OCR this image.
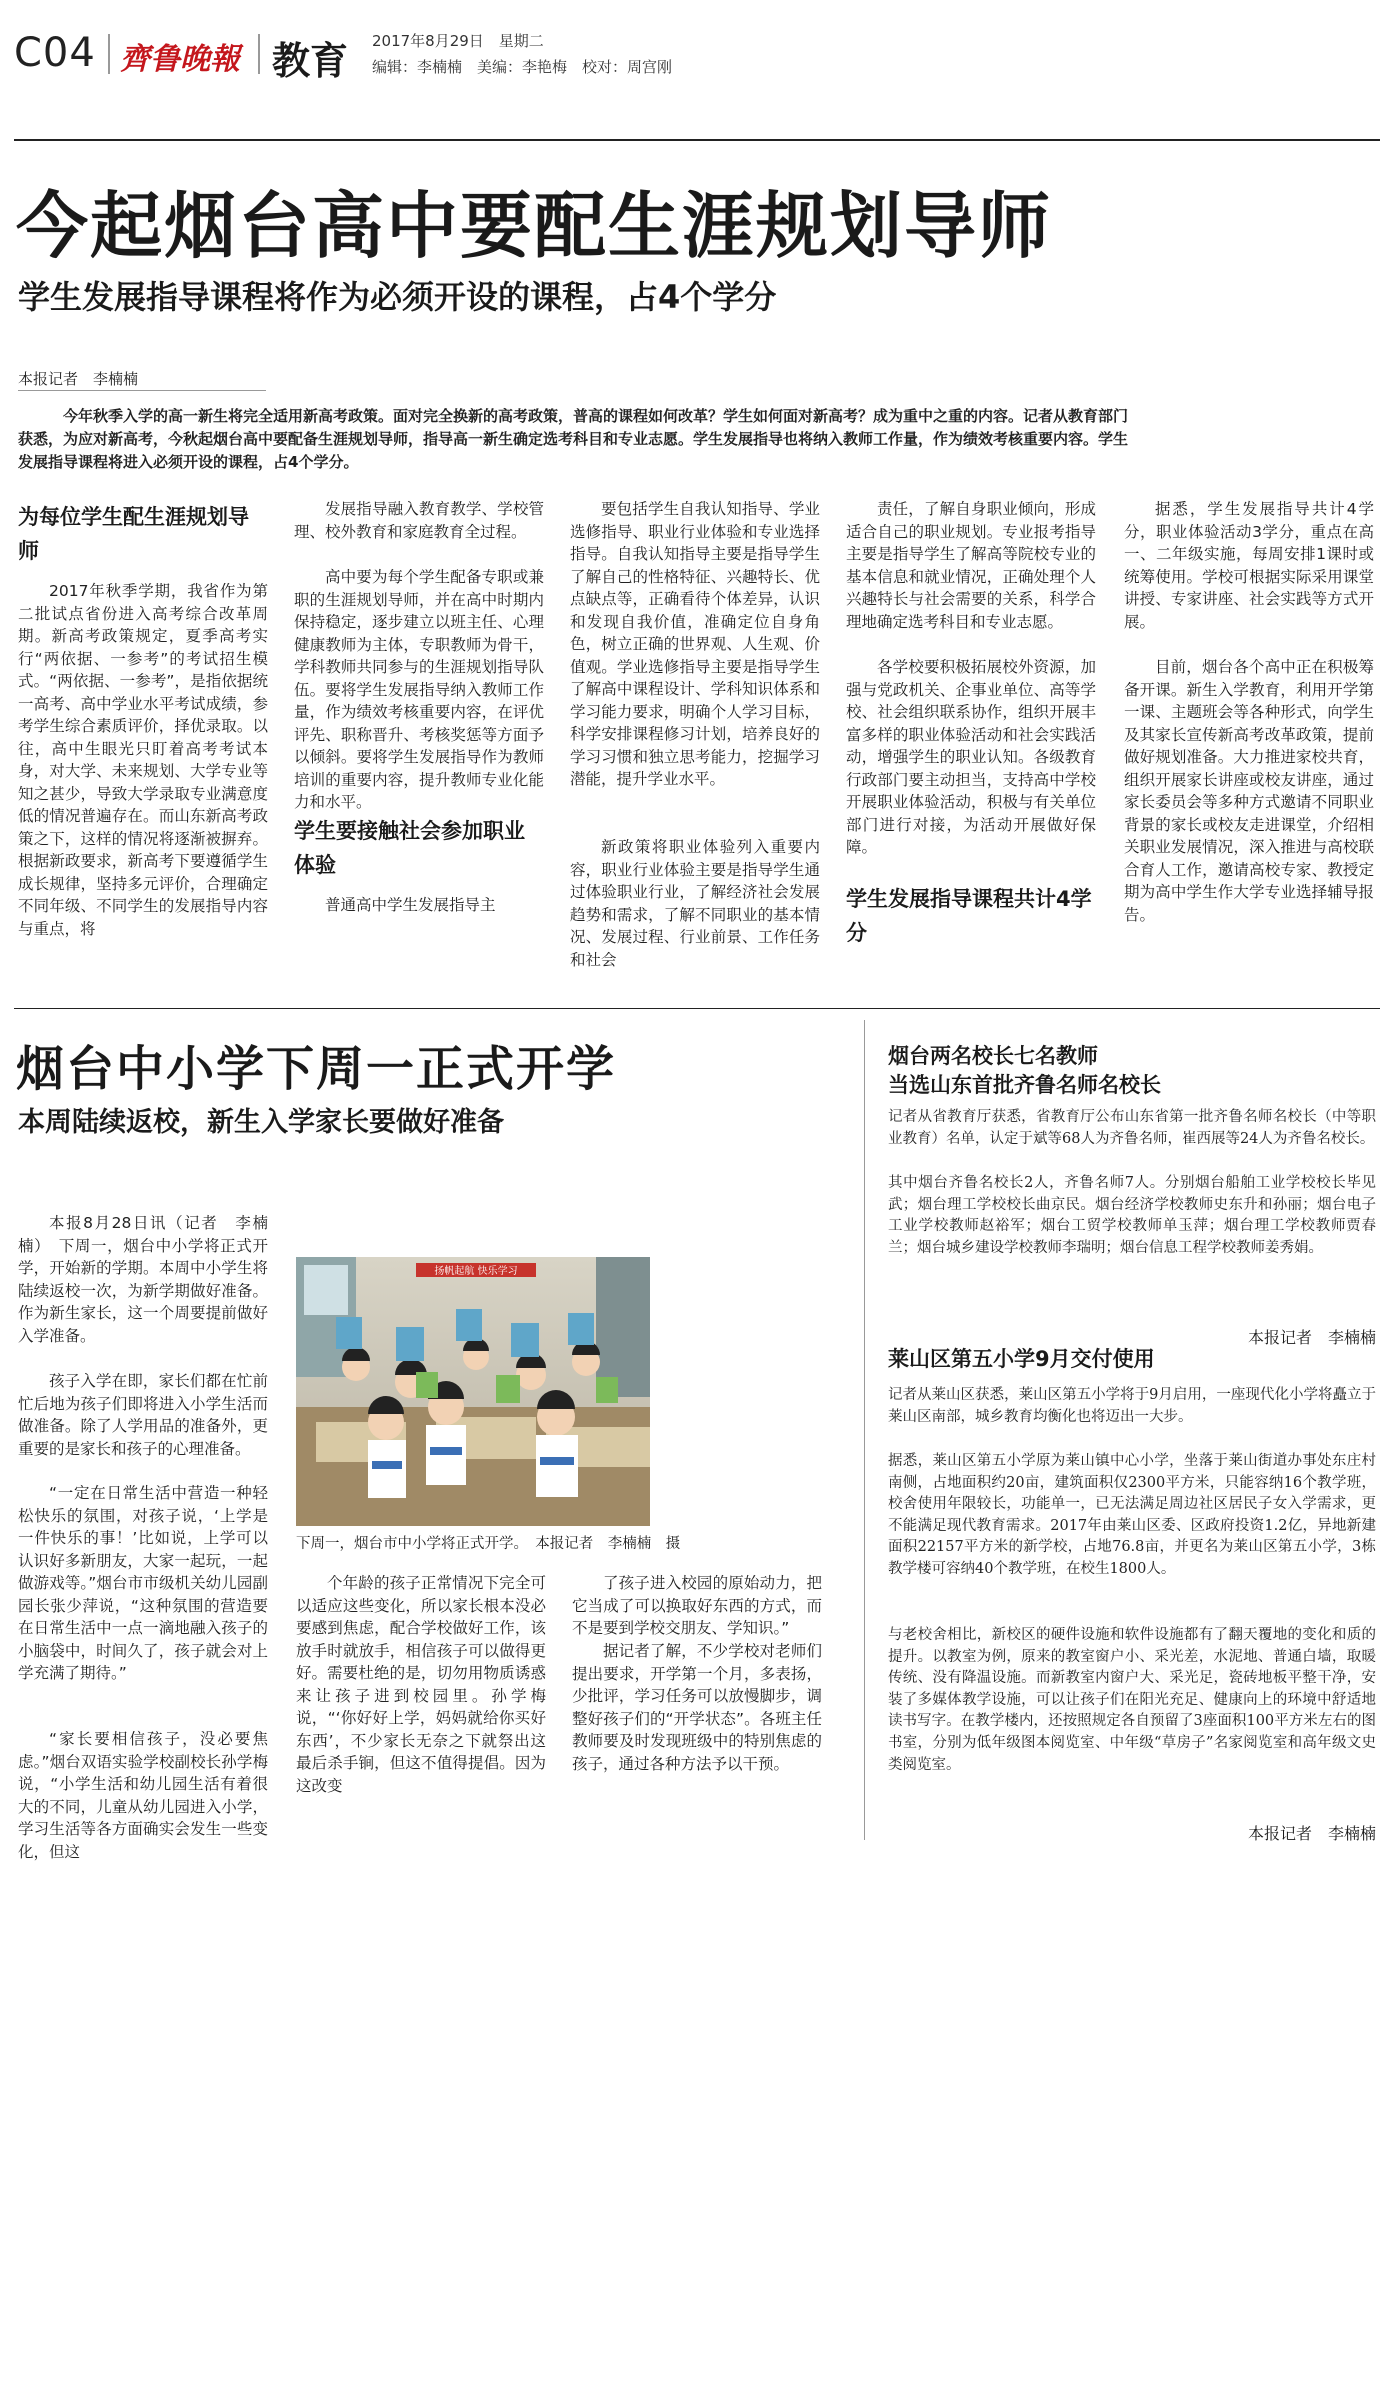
C04 齊鲁晚報 教育 2017年8月29日　星期二
编辑：李楠楠　美编：李艳梅　校对：周宫刚
今起烟台高中要配生涯规划导师
学生发展指导课程将作为必须开设的课程，占4个学分
本报记者　李楠楠
今年秋季入学的高一新生将完全适用新高考政策。面对完全换新的高考政策，普高的课程如何改革？学生如何面对新高考？成为重中之重的内容。记者从教育部门获悉，为应对新高考，今秋起烟台高中要配备生涯规划导师，指导高一新生确定选考科目和专业志愿。学生发展指导也将纳入教师工作量，作为绩效考核重要内容。学生发展指导课程将进入必须开设的课程，占4个学分。
为每位学生配生涯规划导师
2017年秋季学期，我省作为第二批试点省份进入高考综合改革周期。新高考政策规定，夏季高考实行“两依据、一参考”的考试招生模式。“两依据、一参考”，是指依据统一高考、高中学业水平考试成绩，参考学生综合素质评价，择优录取。以往，高中生眼光只盯着高考考试本身，对大学、未来规划、大学专业等知之甚少，导致大学录取专业满意度低的情况普遍存在。而山东新高考政策之下，这样的情况将逐渐被摒弃。根据新政要求，新高考下要遵循学生成长规律，坚持多元评价，合理确定不同年级、不同学生的发展指导内容与重点，将
发展指导融入教育教学、学校管理、校外教育和家庭教育全过程。
高中要为每个学生配备专职或兼职的生涯规划导师，并在高中时期内保持稳定，逐步建立以班主任、心理健康教师为主体，专职教师为骨干，学科教师共同参与的生涯规划指导队伍。要将学生发展指导纳入教师工作量，作为绩效考核重要内容，在评优评先、职称晋升、考核奖惩等方面予以倾斜。要将学生发展指导作为教师培训的重要内容，提升教师专业化能力和水平。
学生要接触社会参加职业体验
普通高中学生发展指导主
要包括学生自我认知指导、学业选修指导、职业行业体验和专业选择指导。自我认知指导主要是指导学生了解自己的性格特征、兴趣特长、优点缺点等，正确看待个体差异，认识和发现自我价值，准确定位自身角色，树立正确的世界观、人生观、价值观。学业选修指导主要是指导学生了解高中课程设计、学科知识体系和学习能力要求，明确个人学习目标，科学安排课程修习计划，培养良好的学习习惯和独立思考能力，挖掘学习潜能，提升学业水平。
新政策将职业体验列入重要内容，职业行业体验主要是指导学生通过体验职业行业，了解经济社会发展趋势和需求，了解不同职业的基本情况、发展过程、行业前景、工作任务和社会
责任，了解自身职业倾向，形成适合自己的职业规划。专业报考指导主要是指导学生了解高等院校专业的基本信息和就业情况，正确处理个人兴趣特长与社会需要的关系，科学合理地确定选考科目和专业志愿。
各学校要积极拓展校外资源，加强与党政机关、企事业单位、高等学校、社会组织联系协作，组织开展丰富多样的职业体验活动和社会实践活动，增强学生的职业认知。各级教育行政部门要主动担当，支持高中学校开展职业体验活动，积极与有关单位部门进行对接，为活动开展做好保障。
学生发展指导课程共计4学分
据悉，学生发展指导共计4学分，职业体验活动3学分，重点在高一、二年级实施，每周安排1课时或统筹使用。学校可根据实际采用课堂讲授、专家讲座、社会实践等方式开展。
目前，烟台各个高中正在积极筹备开课。新生入学教育，利用开学第一课、主题班会等各种形式，向学生及其家长宣传新高考改革政策，提前做好规划准备。大力推进家校共育，组织开展家长讲座或校友讲座，通过家长委员会等多种方式邀请不同职业背景的家长或校友走进课堂，介绍相关职业发展情况，深入推进与高校联合育人工作，邀请高校专家、教授定期为高中学生作大学专业选择辅导报告。
烟台中小学下周一正式开学
本周陆续返校，新生入学家长要做好准备
本报8月28日讯（记者　李楠楠）　下周一，烟台中小学将正式开学，开始新的学期。本周中小学生将陆续返校一次，为新学期做好准备。作为新生家长，这一个周要提前做好入学准备。
孩子入学在即，家长们都在忙前忙后地为孩子们即将进入小学生活而做准备。除了人学用品的准备外，更重要的是家长和孩子的心理准备。
“一定在日常生活中营造一种轻松快乐的氛围，对孩子说，‘上学是一件快乐的事！’比如说，上学可以认识好多新朋友，大家一起玩，一起做游戏等。”烟台市市级机关幼儿园副园长张少萍说，“这种氛围的营造要在日常生活中一点一滴地融入孩子的小脑袋中，时间久了，孩子就会对上学充满了期待。”
“家长要相信孩子，没必要焦虑。”烟台双语实验学校副校长孙学梅说，“小学生活和幼儿园生活有着很大的不同，儿童从幼儿园进入小学，学习生活等各方面确实会发生一些变化，但这
扬帆起航 快乐学习
下周一，烟台市中小学将正式开学。　本报记者　李楠楠　摄
个年龄的孩子正常情况下完全可以适应这些变化，所以家长根本没必要感到焦虑，配合学校做好工作，该放手时就放手，相信孩子可以做得更好。 需要杜绝的是，切勿用物质诱惑来让孩子进到校园里。孙学梅说，“‘你好好上学，妈妈就给你买好东西’，不少家长无奈之下就祭出这最后杀手锏，但这不值得提倡。因为这改变
了孩子进入校园的原始动力，把它当成了可以换取好东西的方式，而不是要到学校交朋友、学知识。”
据记者了解，不少学校对老师们提出要求，开学第一个月，多表扬，少批评，学习任务可以放慢脚步，调整好孩子们的“开学状态”。各班主任教师要及时发现班级中的特别焦虑的孩子，通过各种方法予以干预。
烟台两名校长七名教师
当选山东首批齐鲁名师名校长
记者从省教育厅获悉，省教育厅公布山东省第一批齐鲁名师名校长（中等职业教育）名单，认定于斌等68人为齐鲁名师，崔西展等24人为齐鲁名校长。
其中烟台齐鲁名校长2人，齐鲁名师7人。分别烟台船舶工业学校校长毕见武；烟台理工学校校长曲京民。烟台经济学校教师史东升和孙丽；烟台电子工业学校教师赵裕军；烟台工贸学校教师单玉萍；烟台理工学校教师贾春兰；烟台城乡建设学校教师李瑞明；烟台信息工程学校教师姜秀娟。
本报记者　李楠楠
莱山区第五小学9月交付使用
记者从莱山区获悉，莱山区第五小学将于9月启用，一座现代化小学将矗立于莱山区南部，城乡教育均衡化也将迈出一大步。
据悉，莱山区第五小学原为莱山镇中心小学，坐落于莱山街道办事处东庄村南侧，占地面积约20亩，建筑面积仅2300平方米，只能容纳16个教学班，校舍使用年限较长，功能单一，已无法满足周边社区居民子女入学需求，更不能满足现代教育需求。2017年由莱山区委、区政府投资1.2亿，异地新建面积22157平方米的新学校，占地76.8亩，并更名为莱山区第五小学，3栋教学楼可容纳40个教学班，在校生1800人。
与老校舍相比，新校区的硬件设施和软件设施都有了翻天覆地的变化和质的提升。以教室为例，原来的教室窗户小、采光差，水泥地、普通白墙，取暖传统、没有降温设施。而新教室内窗户大、采光足，瓷砖地板平整干净，安装了多媒体教学设施，可以让孩子们在阳光充足、健康向上的环境中舒适地读书写字。在教学楼内，还按照规定各自预留了3座面积100平方米左右的图书室，分别为低年级图本阅览室、中年级“草房子”名家阅览室和高年级文史类阅览室。
本报记者　李楠楠
